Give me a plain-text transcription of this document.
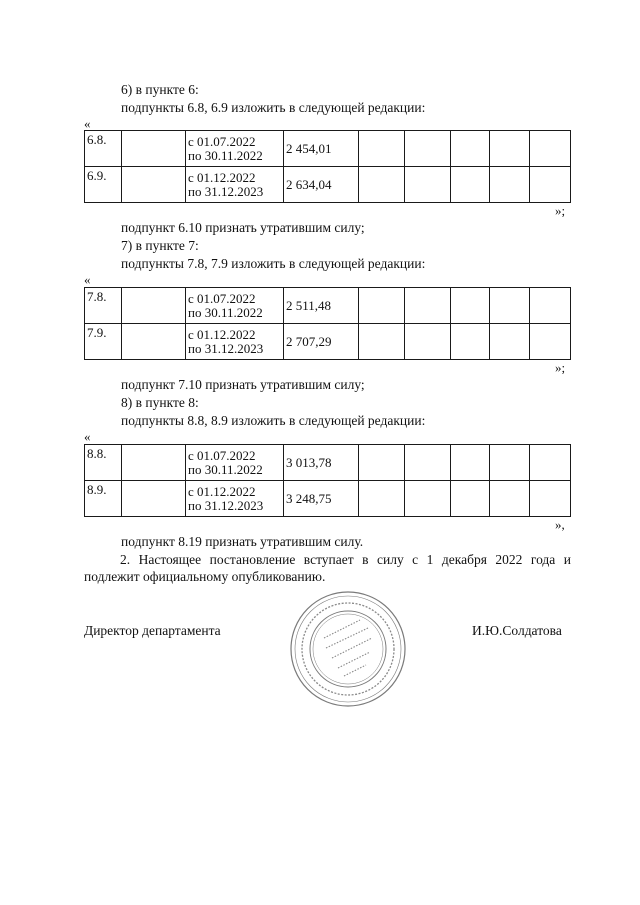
6) в пункте 6:
подпункты 6.8, 6.9 изложить в следующей редакции:
«
6.8.		с 01.07.2022
по 30.11.2022	2 454,01					
6.9.		с 01.12.2022
по 31.12.2023	2 634,04					
»;
подпункт 6.10 признать утратившим силу;
7) в пункте 7:
подпункты 7.8, 7.9 изложить в следующей редакции:
«
7.8.		с 01.07.2022
по 30.11.2022	2 511,48					
7.9.		с 01.12.2022
по 31.12.2023	2 707,29					
»;
подпункт 7.10 признать утратившим силу;
8) в пункте 8:
подпункты 8.8, 8.9 изложить в следующей редакции:
«
8.8.		с 01.07.2022
по 30.11.2022	3 013,78					
8.9.		с 01.12.2022
по 31.12.2023	3 248,75					
»,
подпункт 8.19 признать утратившим силу.
2. Настоящее постановление вступает в силу с 1 декабря 2022 года и подлежит официальному опубликованию.
Директор департамента	И.Ю.Солдатова
